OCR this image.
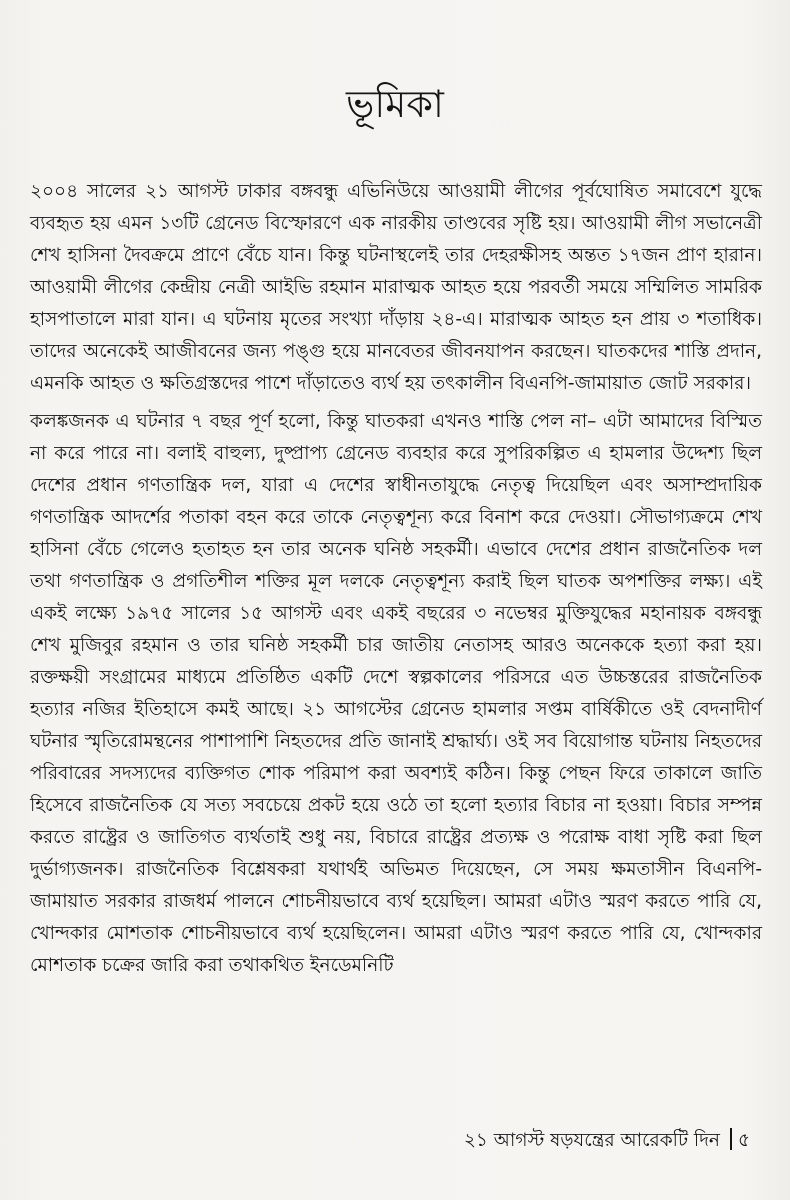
ভূমিকা

২০০৪ সালের ২১ আগস্ট ঢাকার বঙ্গবন্ধু এভিনিউয়ে আওয়ামী লীগের পূর্বঘোষিত সমাবেশে যুদ্ধে ব্যবহৃত হয় এমন ১৩টি গ্রেনেড বিস্ফোরণে এক নারকীয় তাণ্ডবের সৃষ্টি হয়। আওয়ামী লীগ সভানেত্রী শেখ হাসিনা দৈবক্রমে প্রাণে বেঁচে যান। কিন্তু ঘটনাস্থলেই তার দেহরক্ষীসহ অন্তত ১৭জন প্রাণ হারান। আওয়ামী লীগের কেন্দ্রীয় নেত্রী আইভি রহমান মারাত্মক আহত হয়ে পরবর্তী সময়ে সম্মিলিত সামরিক হাসপাতালে মারা যান। এ ঘটনায় মৃতের সংখ্যা দাঁড়ায় ২৪-এ। মারাত্মক আহত হন প্রায় ৩ শতাধিক। তাদের অনেকেই আজীবনের জন্য পঙ্গু হয়ে মানবেতর জীবনযাপন করছেন। ঘাতকদের শাস্তি প্রদান, এমনকি আহত ও ক্ষতিগ্রস্তদের পাশে দাঁড়াতেও ব্যর্থ হয় তৎকালীন বিএনপি-জামায়াত জোট সরকার।

কলঙ্কজনক এ ঘটনার ৭ বছর পূর্ণ হলো, কিন্তু ঘাতকরা এখনও শাস্তি পেল না– এটা আমাদের বিস্মিত না করে পারে না। বলাই বাহুল্য, দুষ্প্রাপ্য গ্রেনেড ব্যবহার করে সুপরিকল্পিত এ হামলার উদ্দেশ্য ছিল দেশের প্রধান গণতান্ত্রিক দল, যারা এ দেশের স্বাধীনতাযুদ্ধে নেতৃত্ব দিয়েছিল এবং অসাম্প্রদায়িক গণতান্ত্রিক আদর্শের পতাকা বহন করে তাকে নেতৃত্বশূন্য করে বিনাশ করে দেওয়া। সৌভাগ্যক্রমে শেখ হাসিনা বেঁচে গেলেও হতাহত হন তার অনেক ঘনিষ্ঠ সহকর্মী। এভাবে দেশের প্রধান রাজনৈতিক দল তথা গণতান্ত্রিক ও প্রগতিশীল শক্তির মূল দলকে নেতৃত্বশূন্য করাই ছিল ঘাতক অপশক্তির লক্ষ্য। এই একই লক্ষ্যে ১৯৭৫ সালের ১৫ আগস্ট এবং একই বছরের ৩ নভেম্বর মুক্তিযুদ্ধের মহানায়ক বঙ্গবন্ধু শেখ মুজিবুর রহমান ও তার ঘনিষ্ঠ সহকর্মী চার জাতীয় নেতাসহ আরও অনেককে হত্যা করা হয়। রক্তক্ষয়ী সংগ্রামের মাধ্যমে প্রতিষ্ঠিত একটি দেশে স্বল্পকালের পরিসরে এত উচ্চস্তরের রাজনৈতিক হত্যার নজির ইতিহাসে কমই আছে। ২১ আগস্টের গ্রেনেড হামলার সপ্তম বার্ষিকীতে ওই বেদনাদীর্ণ ঘটনার স্মৃতিরোমন্থনের পাশাপাশি নিহতদের প্রতি জানাই শ্রদ্ধার্ঘ্য। ওই সব বিয়োগান্ত ঘটনায় নিহতদের পরিবারের সদস্যদের ব্যক্তিগত শোক পরিমাপ করা অবশ্যই কঠিন। কিন্তু পেছন ফিরে তাকালে জাতি হিসেবে রাজনৈতিক যে সত্য সবচেয়ে প্রকট হয়ে ওঠে তা হলো হত্যার বিচার না হওয়া। বিচার সম্পন্ন করতে রাষ্ট্রের ও জাতিগত ব্যর্থতাই শুধু নয়, বিচারে রাষ্ট্রের প্রত্যক্ষ ও পরোক্ষ বাধা সৃষ্টি করা ছিল দুর্ভাগ্যজনক। রাজনৈতিক বিশ্লেষকরা যথার্থই অভিমত দিয়েছেন, সে সময় ক্ষমতাসীন বিএনপি-জামায়াত সরকার রাজধর্ম পালনে শোচনীয়ভাবে ব্যর্থ হয়েছিল। আমরা এটাও স্মরণ করতে পারি যে, খোন্দকার মোশতাক শোচনীয়ভাবে ব্যর্থ হয়েছিলেন। আমরা এটাও স্মরণ করতে পারি যে, খোন্দকার মোশতাক চক্রের জারি করা তথাকথিত ইনডেমনিটি

২১ আগস্ট ষড়যন্ত্রের আরেকটি দিন ৫
